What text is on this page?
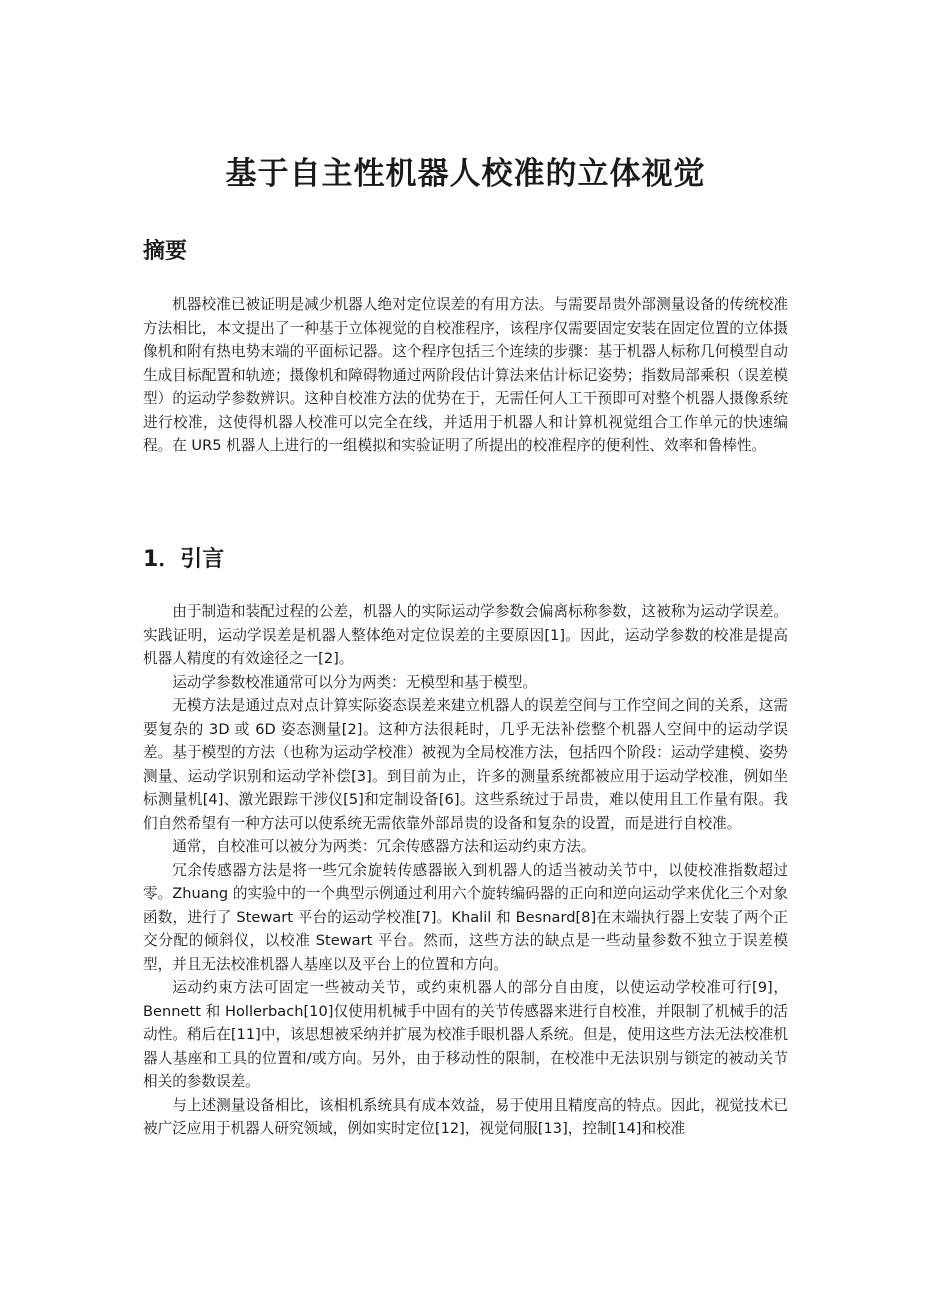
基于自主性机器人校准的立体视觉
摘要

机器校准已被证明是减少机器人绝对定位误差的有用方法。与需要昂贵外部测量设备的传统校准方法相比，本文提出了一种基于立体视觉的自校准程序，该程序仅需要固定安装在固定位置的立体摄像机和附有热电势末端的平面标记器。这个程序包括三个连续的步骤：基于机器人标称几何模型自动生成目标配置和轨迹；摄像机和障碍物通过两阶段估计算法来估计标记姿势；指数局部乘积（误差模型）的运动学参数辨识。这种自校准方法的优势在于，无需任何人工干预即可对整个机器人摄像系统进行校准，这使得机器人校准可以完全在线，并适用于机器人和计算机视觉组合工作单元的快速编程。在 UR5 机器人上进行的一组模拟和实验证明了所提出的校准程序的便利性、效率和鲁棒性。

1．引言

由于制造和装配过程的公差，机器人的实际运动学参数会偏离标称参数，这被称为运动学误差。实践证明，运动学误差是机器人整体绝对定位误差的主要原因[1]。因此，运动学参数的校准是提高机器人精度的有效途径之一[2]。

运动学参数校准通常可以分为两类：无模型和基于模型。

无模方法是通过点对点计算实际姿态误差来建立机器人的误差空间与工作空间之间的关系，这需要复杂的 3D 或 6D 姿态测量[2]。这种方法很耗时，几乎无法补偿整个机器人空间中的运动学误差。基于模型的方法（也称为运动学校准）被视为全局校准方法，包括四个阶段：运动学建模、姿势测量、运动学识别和运动学补偿[3]。到目前为止，许多的测量系统都被应用于运动学校准，例如坐标测量机[4]、激光跟踪干涉仪[5]和定制设备[6]。这些系统过于昂贵，难以使用且工作量有限。我们自然希望有一种方法可以使系统无需依靠外部昂贵的设备和复杂的设置，而是进行自校准。

通常，自校准可以被分为两类：冗余传感器方法和运动约束方法。

冗余传感器方法是将一些冗余旋转传感器嵌入到机器人的适当被动关节中，以使校准指数超过零。Zhuang 的实验中的一个典型示例通过利用六个旋转编码器的正向和逆向运动学来优化三个对象函数，进行了 Stewart 平台的运动学校准[7]。Khalil 和 Besnard[8]在末端执行器上安装了两个正交分配的倾斜仪，以校准 Stewart 平台。然而，这些方法的缺点是一些动量参数不独立于误差模型，并且无法校准机器人基座以及平台上的位置和方向。

运动约束方法可固定一些被动关节，或约束机器人的部分自由度，以使运动学校准可行[9]，Bennett 和 Hollerbach[10]仅使用机械手中固有的关节传感器来进行自校准，并限制了机械手的活动性。稍后在[11]中，该思想被采纳并扩展为校准手眼机器人系统。但是，使用这些方法无法校准机器人基座和工具的位置和/或方向。另外，由于移动性的限制，在校准中无法识别与锁定的被动关节相关的参数误差。

与上述测量设备相比，该相机系统具有成本效益，易于使用且精度高的特点。因此，视觉技术已被广泛应用于机器人研究领域，例如实时定位[12]，视觉伺服[13]，控制[14]和校准
